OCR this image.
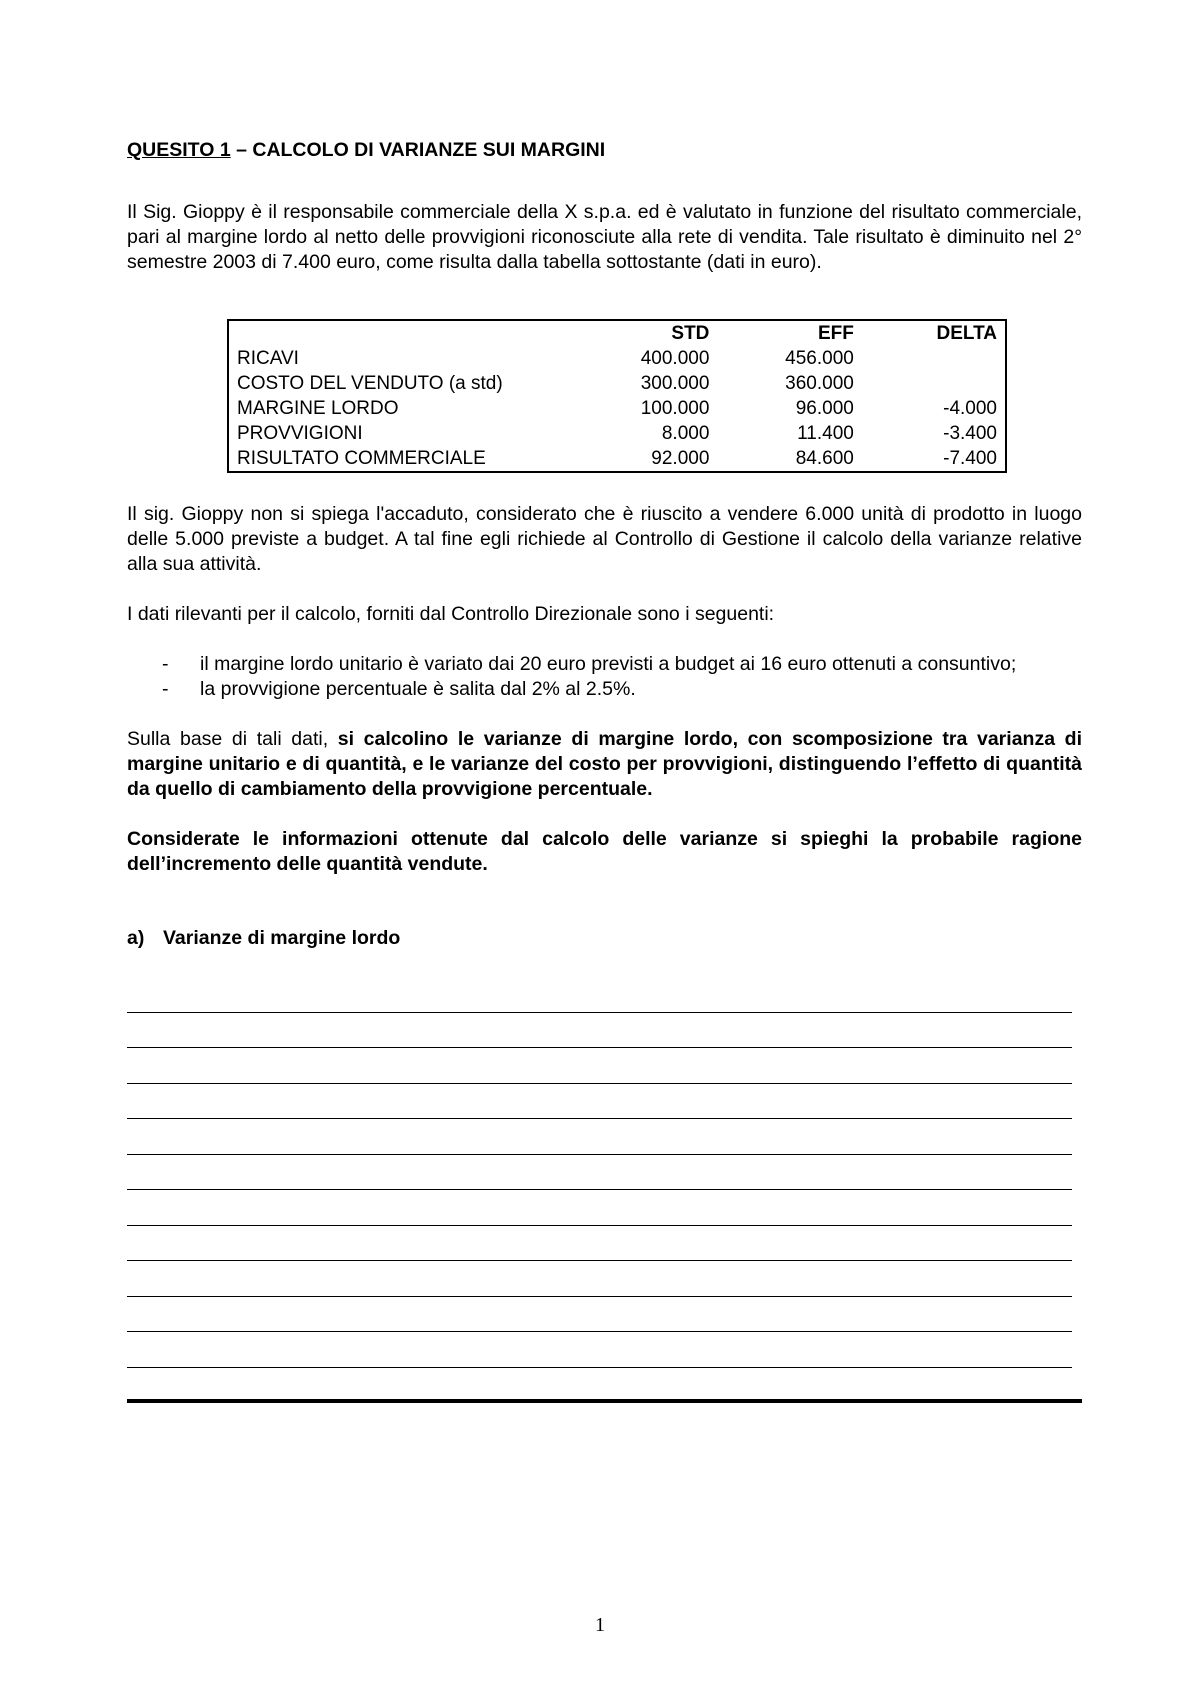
QUESITO 1 – CALCOLO DI VARIANZE SUI MARGINI

Il Sig. Gioppy è il responsabile commerciale della X s.p.a. ed è valutato in funzione del risultato commerciale, pari al margine lordo al netto delle provvigioni riconosciute alla rete di vendita. Tale risultato è diminuito nel 2° semestre 2003 di 7.400 euro, come risulta dalla tabella sottostante (dati in euro).

	STD	EFF	DELTA
RICAVI	400.000	456.000	
COSTO DEL VENDUTO (a std)	300.000	360.000	
MARGINE LORDO	100.000	96.000	-4.000
PROVVIGIONI	8.000	11.400	-3.400
RISULTATO COMMERCIALE	92.000	84.600	-7.400

Il sig. Gioppy non si spiega l'accaduto, considerato che è riuscito a vendere 6.000 unità di prodotto in luogo delle 5.000 previste a budget. A tal fine egli richiede al Controllo di Gestione il calcolo della varianze relative alla sua attività.

I dati rilevanti per il calcolo, forniti dal Controllo Direzionale sono i seguenti:

- il margine lordo unitario è variato dai 20 euro previsti a budget ai 16 euro ottenuti a consuntivo;
- la provvigione percentuale è salita dal 2% al 2.5%.

Sulla base di tali dati, si calcolino le varianze di margine lordo, con scomposizione tra varianza di margine unitario e di quantità, e le varianze del costo per provvigioni, distinguendo l’effetto di quantità da quello di cambiamento della provvigione percentuale.

Considerate le informazioni ottenute dal calcolo delle varianze si spieghi la probabile ragione dell’incremento delle quantità vendute.

a) Varianze di margine lordo

1
